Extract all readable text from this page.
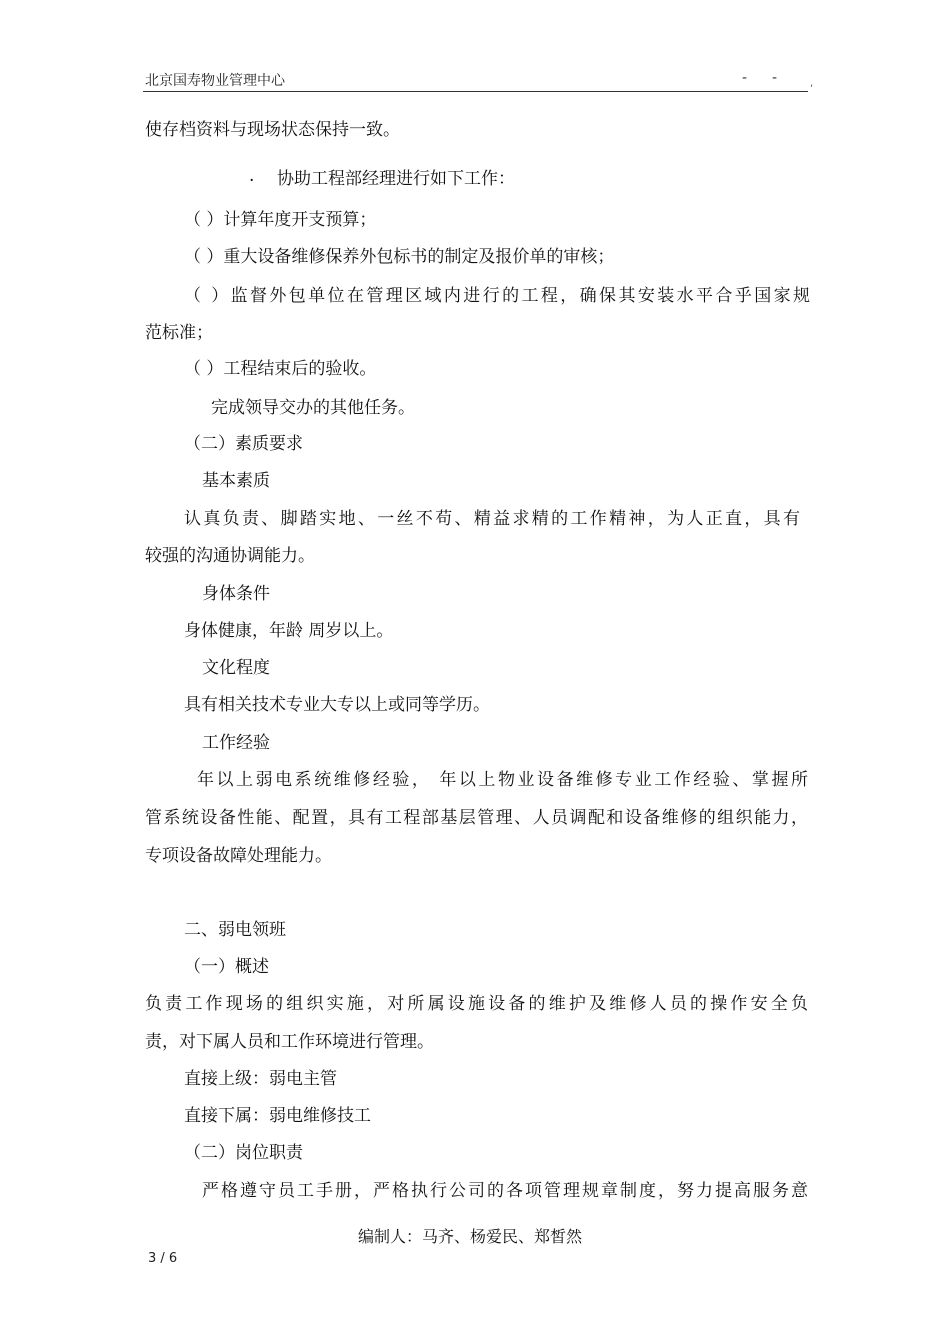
北京国寿物业管理中心	- -	,
使存档资料与现场状态保持一致。
· 协助工程部经理进行如下工作：
（ ）计算年度开支预算；
（ ）重大设备维修保养外包标书的制定及报价单的审核；
（ ）监督外包单位在管理区域内进行的工程，确保其安装水平合乎国家规
范标准；
（ ）工程结束后的验收。
完成领导交办的其他任务。
（二）素质要求
基本素质
认真负责、脚踏实地、一丝不苟、精益求精的工作精神，为人正直，具有
较强的沟通协调能力。
身体条件
身体健康，年龄 周岁以上。
文化程度
具有相关技术专业大专以上或同等学历。
工作经验
年以上弱电系统维修经验， 年以上物业设备维修专业工作经验、掌握所
管系统设备性能、配置，具有工程部基层管理、人员调配和设备维修的组织能力，
专项设备故障处理能力。
二、弱电领班
（一）概述
负责工作现场的组织实施，对所属设施设备的维护及维修人员的操作安全负
责，对下属人员和工作环境进行管理。
直接上级：弱电主管
直接下属：弱电维修技工
（二）岗位职责
严格遵守员工手册，严格执行公司的各项管理规章制度，努力提高服务意
编制人：马齐、杨爱民、郑皙然
3 / 6
